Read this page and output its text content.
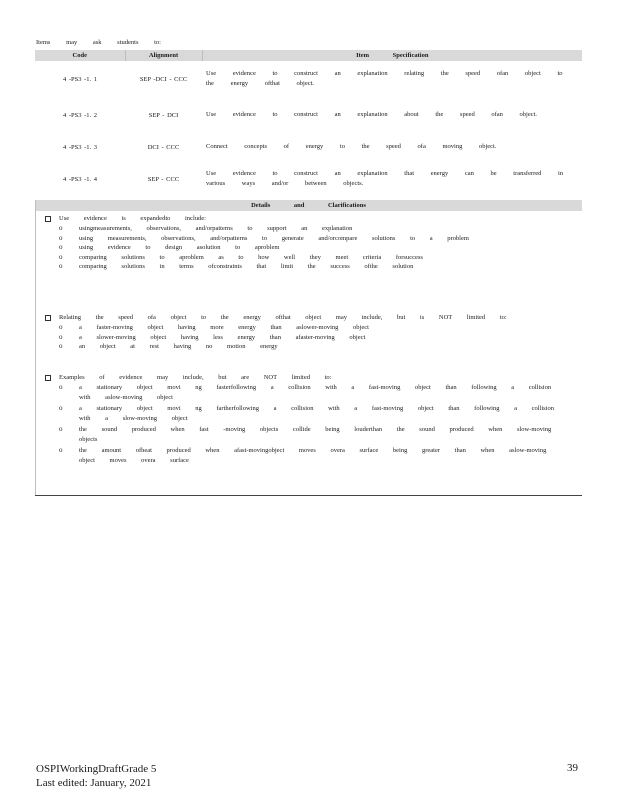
Items may ask students to:
Code	Alignment	Item Specification
4 -PS3 -1. 1	SEP -DCI - CCC	Use evidence to construct an explanation relating the speed ofan object to the energy ofthat object.
4 -PS3 -1. 2	SEP - DCI	Use evidence to construct an explanation about the speed ofan object.
4 -PS3 -1. 3	DCI - CCC	Connect concepts of energy to the speed ofa moving object.
4 -PS3 -1. 4	SEP - CCC	Use evidence to construct an explanation that energy can be transferred in various ways and/or between objects.
Details and Clarifications
Use evidence is expandedto include:
o	usingmeasurements, observations, and/orpatterns to support an explanation
o	using measurements, observations, and/orpatterns to generate and/orcompare solutions to a problem
o	using evidence to design asolution to aproblem
o	comparing solutions to aproblem as to how well they meet criteria forsuccess
o	comparing solutions in terms ofconstraints that limit the success ofthe solution
Relating the speed ofa object to the energy ofthat object may include, but is NOT limited to:
o	a faster-moving object having more energy than aslower-moving object
o	a slower-moving object having less energy than afaster-moving object
o	an object at rest having no motion energy
Examples of evidence may include, but are NOT limited to:
o	a stationary object movi ng fasterfollowing a collision with a fast-moving object than following a collision with aslow-moving object
o	a stationary object movi ng fartherfollowing a collision with a fast-moving object than following a collision with a slow-moving object
o	the sound produced when fast -moving objects collide being louderthan the sound produced when slow-moving objects
o	the amount ofheat produced when afast-movingobject moves overa surface being greater than when aslow-moving object moves overa surface
OSPIWorkingDraftGrade 5
Last edited: January, 2021
39
